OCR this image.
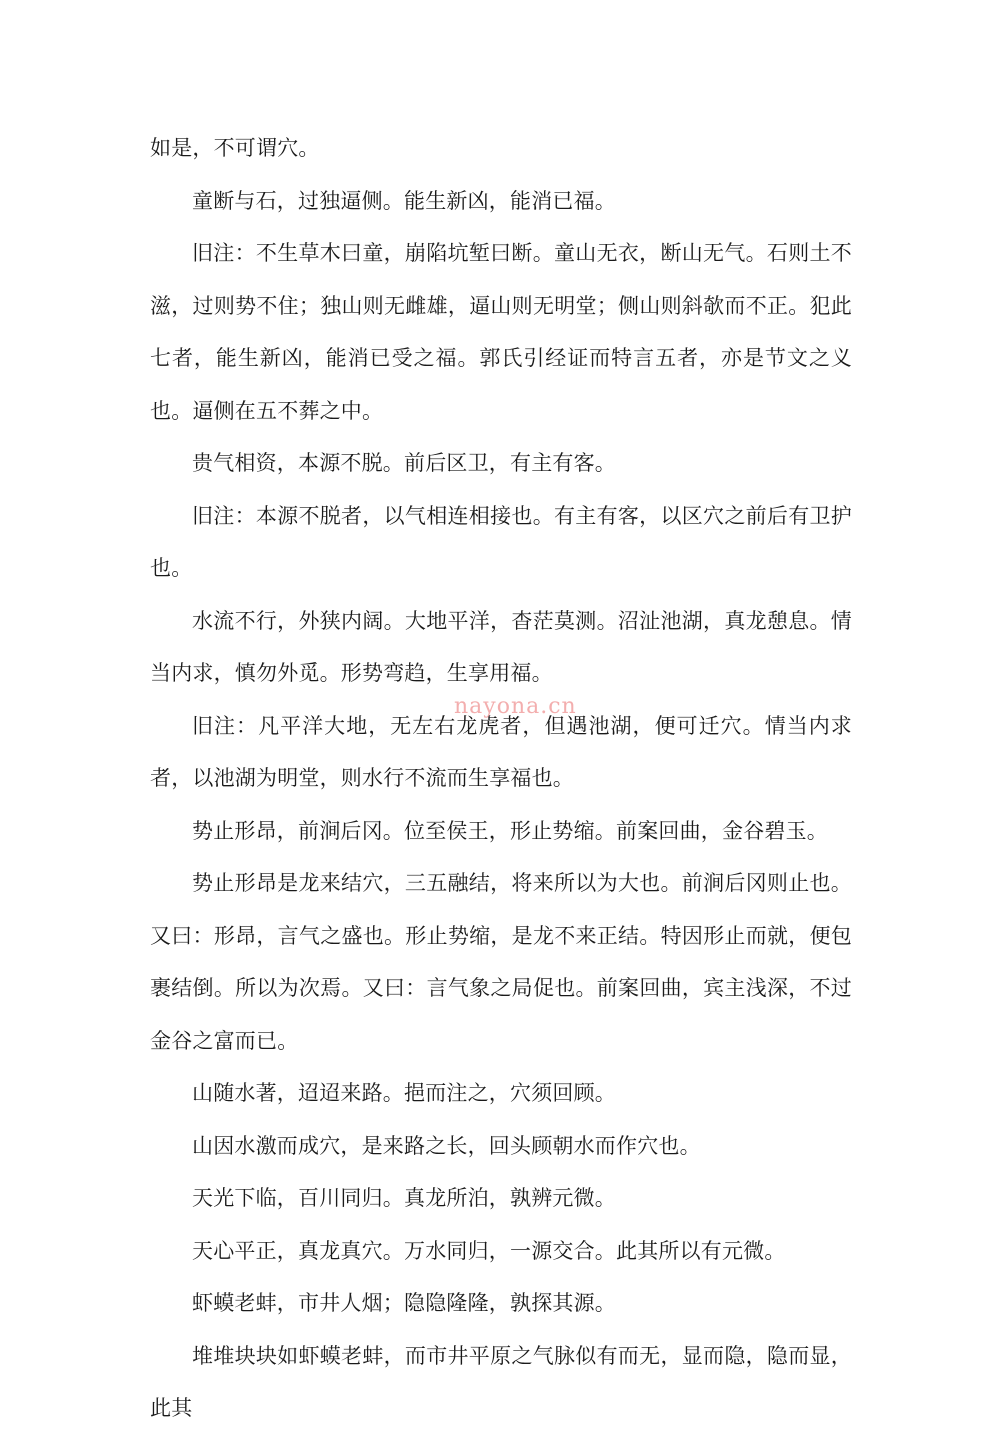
如是，不可谓穴。

童断与石，过独逼侧。能生新凶，能消已福。

旧注：不生草木曰童，崩陷坑堑曰断。童山无衣，断山无气。石则土不滋，过则势不住；独山则无雌雄，逼山则无明堂；侧山则斜欹而不正。犯此七者，能生新凶，能消已受之福。郭氏引经证而特言五者，亦是节文之义也。逼侧在五不葬之中。

贵气相资，本源不脱。前后区卫，有主有客。

旧注：本源不脱者，以气相连相接也。有主有客，以区穴之前后有卫护也。

水流不行，外狭内阔。大地平洋，杳茫莫测。沼沚池湖，真龙憩息。情当内求，慎勿外觅。形势弯趋，生享用福。

旧注：凡平洋大地，无左右龙虎者，但遇池湖，便可迁穴。情当内求者，以池湖为明堂，则水行不流而生享福也。

势止形昂，前涧后冈。位至侯王，形止势缩。前案回曲，金谷碧玉。

势止形昂是龙来结穴，三五融结，将来所以为大也。前涧后冈则止也。又曰：形昂，言气之盛也。形止势缩，是龙不来正结。特因形止而就，便包裹结倒。所以为次焉。又曰：言气象之局促也。前案回曲，宾主浅深，不过金谷之富而已。

山随水著，迢迢来路。挹而注之，穴须回顾。

山因水激而成穴，是来路之长，回头顾朝水而作穴也。

天光下临，百川同归。真龙所泊，孰辨元微。

天心平正，真龙真穴。万水同归，一源交合。此其所以有元微。

虾蟆老蚌，市井人烟；隐隐隆隆，孰探其源。

堆堆块块如虾蟆老蚌，而市井平原之气脉似有而无，显而隐，隐而显，此其

nayona.cn
